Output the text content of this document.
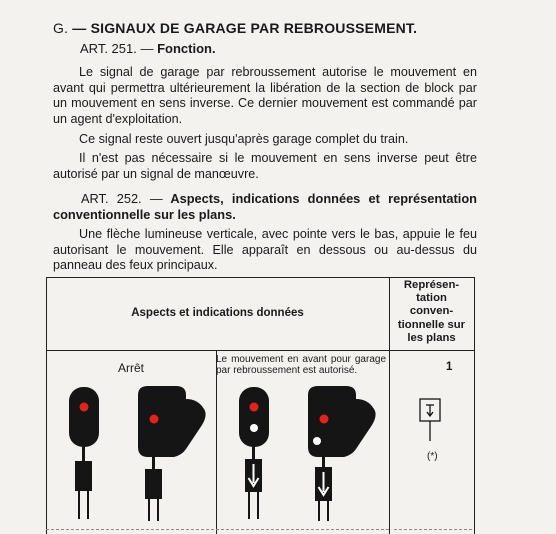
G. — SIGNAUX DE GARAGE PAR REBROUSSEMENT.
ART. 251. — Fonction.
Le signal de garage par rebroussement autorise le mouvement en avant qui permettra ultérieurement la libération de la section de block par un mouvement en sens inverse. Ce dernier mouvement est commandé par un agent d'exploitation.
Ce signal reste ouvert jusqu'après garage complet du train.
Il n'est pas nécessaire si le mouvement en sens inverse peut être autorisé par un signal de manœuvre.
ART. 252. — Aspects, indications données et représentation conventionnelle sur les plans.
Une flèche lumineuse verticale, avec pointe vers le bas, appuie le feu autorisant le mouvement. Elle apparaît en dessous ou au-dessus du panneau des feux principaux.
Aspects et indications données
Représen-
tation
conven-
tionnelle sur
les plans
Arrêt
Le mouvement en avant pour garage par rebroussement est autorisé.	1
(*)
